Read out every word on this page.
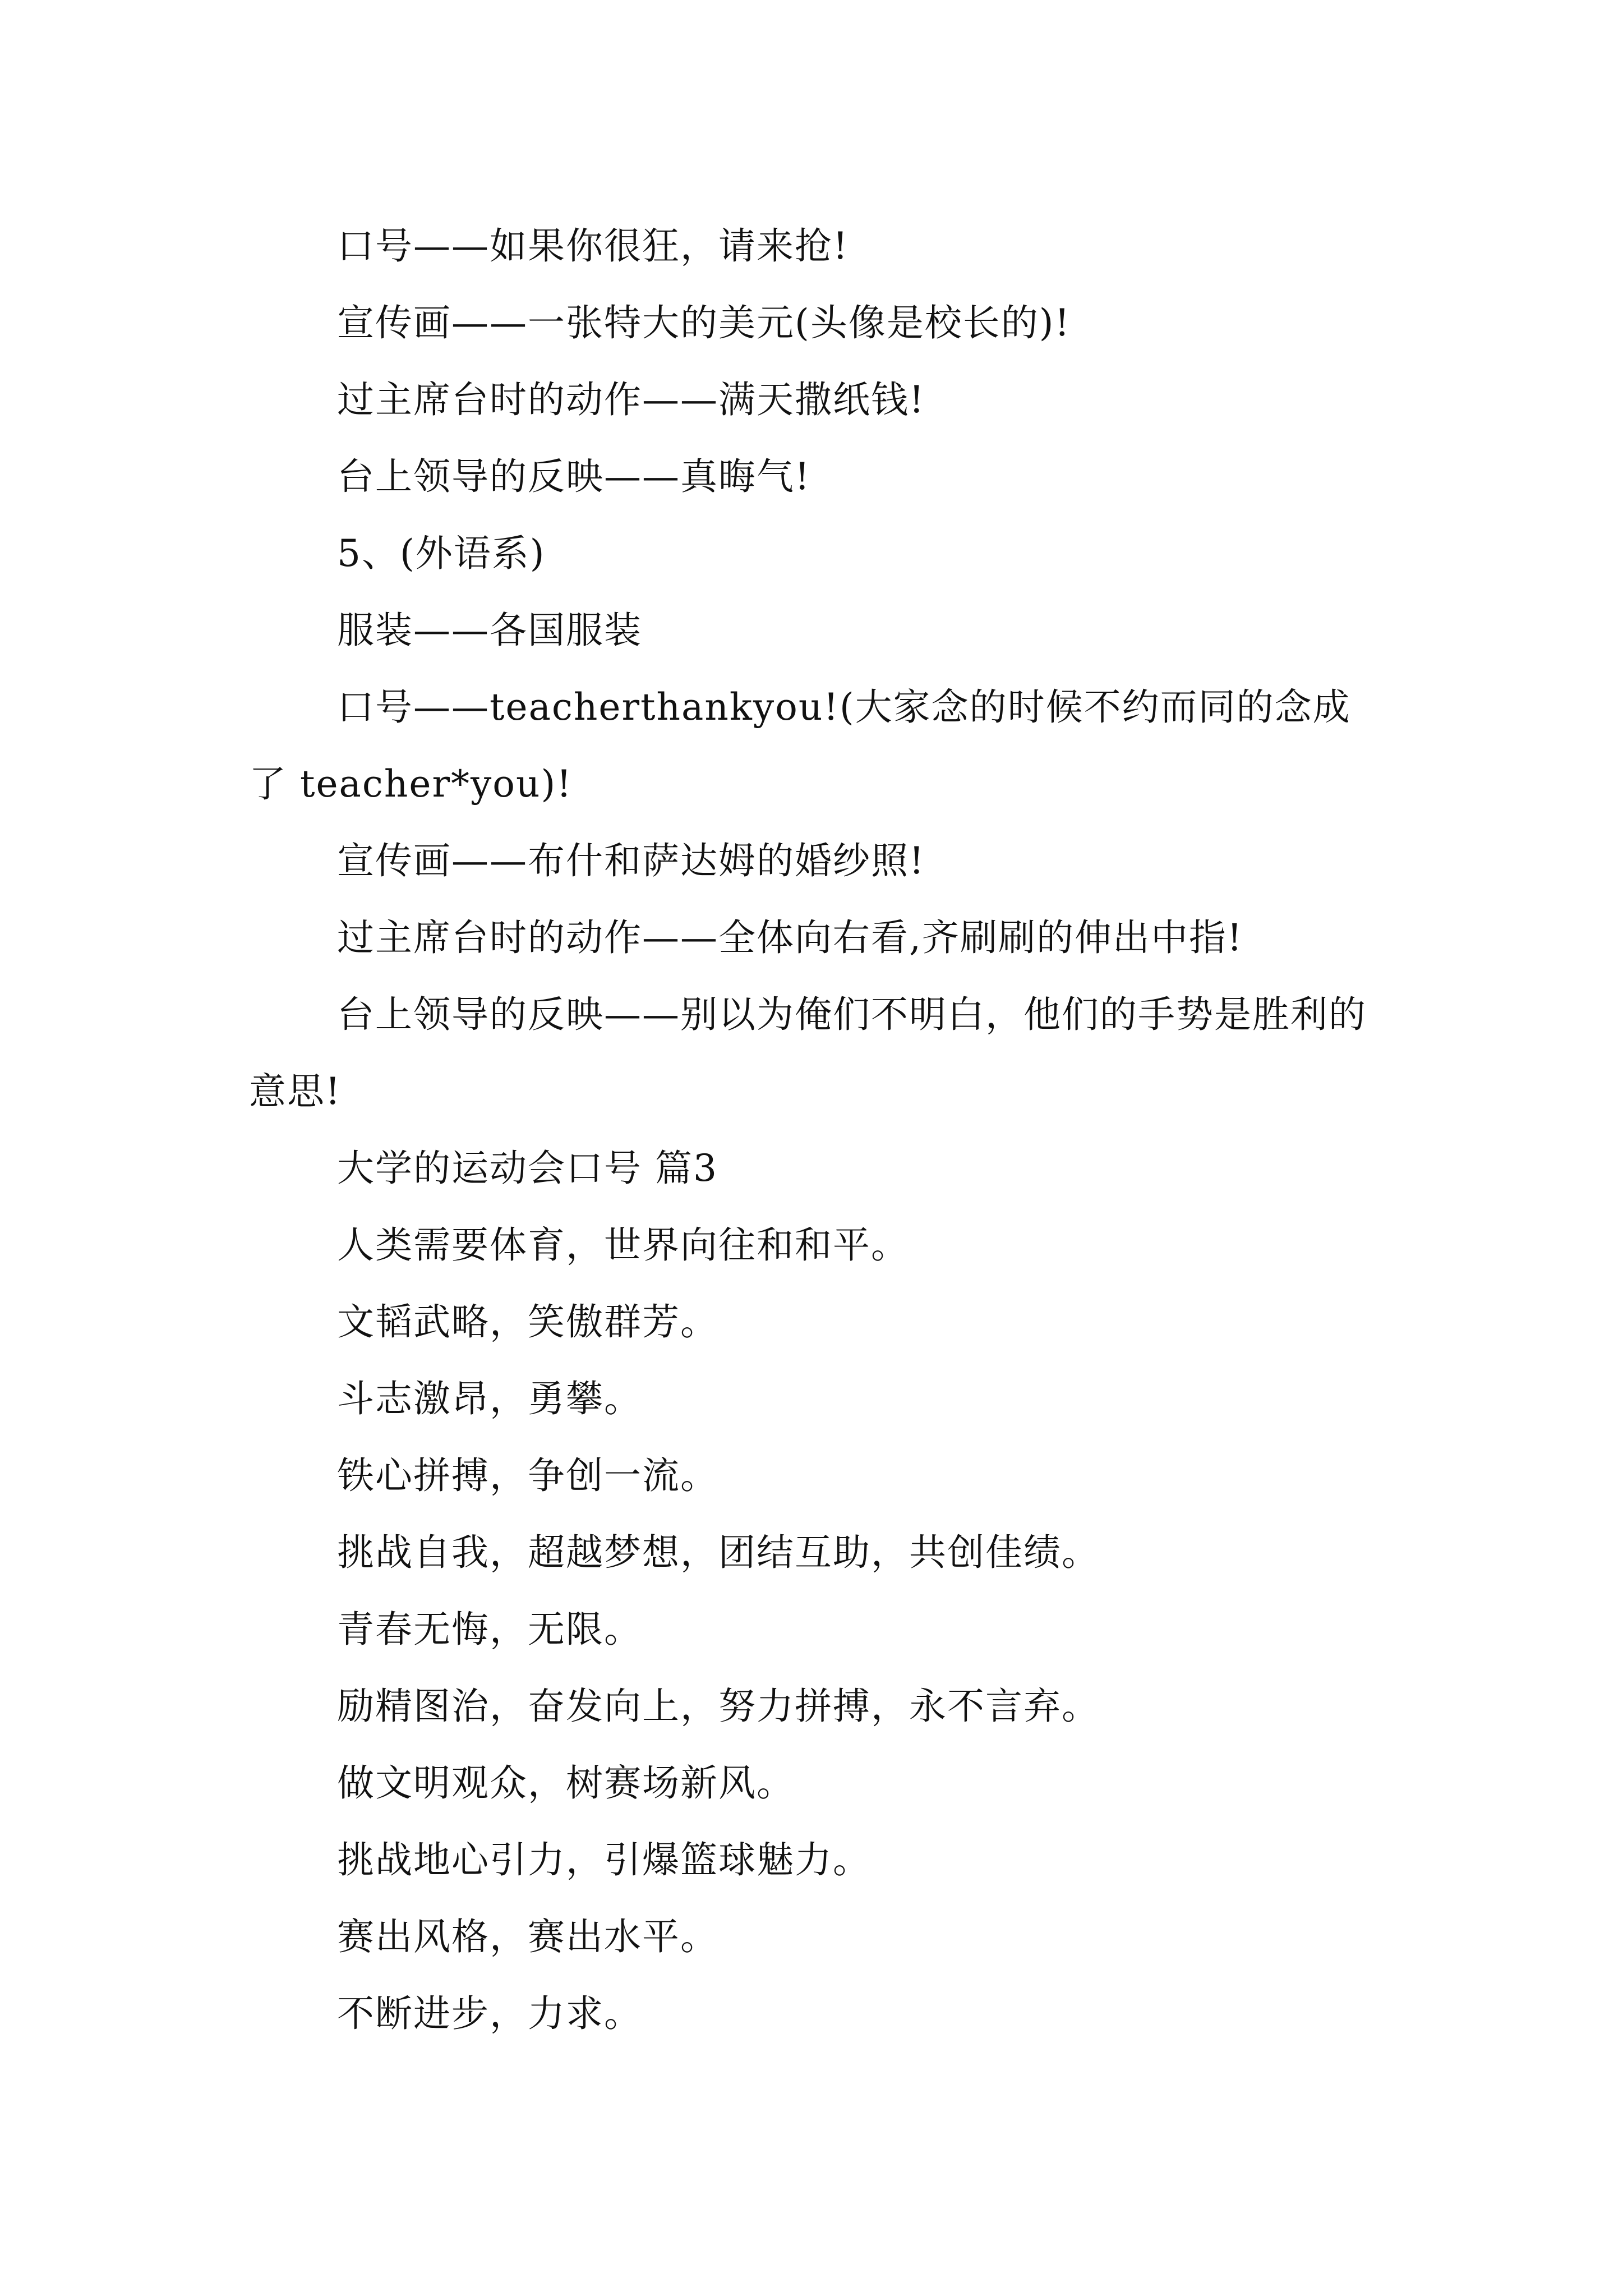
口号——如果你很狂，请来抢!

宣传画——一张特大的美元(头像是校长的)!

过主席台时的动作——满天撒纸钱!

台上领导的反映——真晦气!

5、(外语系)

服装——各国服装

口号——teacherthankyou!(大家念的时候不约而同的念成了 teacher*you)!

宣传画——布什和萨达姆的婚纱照!

过主席台时的动作——全体向右看,齐刷刷的伸出中指!

台上领导的反映——别以为俺们不明白，他们的手势是胜利的意思!

大学的运动会口号 篇3

人类需要体育，世界向往和和平。

文韬武略，笑傲群芳。

斗志激昂，勇攀。

铁心拼搏，争创一流。

挑战自我，超越梦想，团结互助，共创佳绩。

青春无悔，无限。

励精图治，奋发向上，努力拼搏，永不言弃。

做文明观众，树赛场新风。

挑战地心引力，引爆篮球魅力。

赛出风格，赛出水平。

不断进步，力求。
